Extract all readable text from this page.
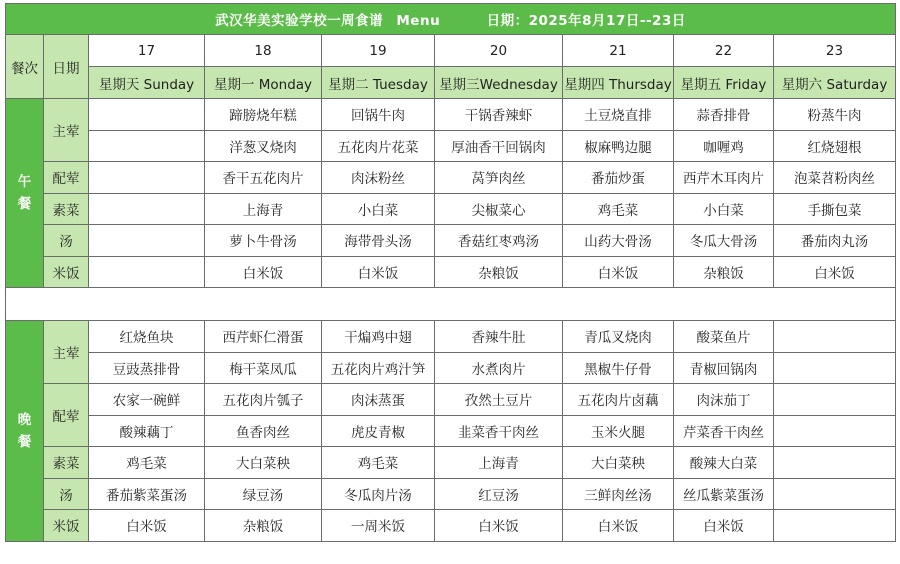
武汉华美实验学校一周食谱 Menu 日期：2025年8月17日--23日								
餐次	日期	17	18	19	20	21	22	23
		星期天 Sunday	星期一 Monday	星期二 Tuesday	星期三Wednesday	星期四 Thursday	星期五 Friday	星期六 Saturday
午餐	主荤		蹄膀烧年糕	回锅牛肉	干锅香辣虾	土豆烧直排	蒜香排骨	粉蒸牛肉
			洋葱叉烧肉	五花肉片花菜	厚油香干回锅肉	椒麻鸭边腿	咖喱鸡	红烧翅根
	配荤		香干五花肉片	肉沫粉丝	莴笋肉丝	番茄炒蛋	西芹木耳肉片	泡菜苕粉肉丝
	素菜		上海青	小白菜	尖椒菜心	鸡毛菜	小白菜	手撕包菜
	汤		萝卜牛骨汤	海带骨头汤	香菇红枣鸡汤	山药大骨汤	冬瓜大骨汤	番茄肉丸汤
	米饭		白米饭	白米饭	杂粮饭	白米饭	杂粮饭	白米饭

晚餐	主荤	红烧鱼块	西芹虾仁滑蛋	干煸鸡中翅	香辣牛肚	青瓜叉烧肉	酸菜鱼片	
		豆豉蒸排骨	梅干菜凤瓜	五花肉片鸡汁笋	水煮肉片	黑椒牛仔骨	青椒回锅肉	
	配荤	农家一碗鲜	五花肉片瓠子	肉沫蒸蛋	孜然土豆片	五花肉片卤藕	肉沫茄丁	
		酸辣藕丁	鱼香肉丝	虎皮青椒	韭菜香干肉丝	玉米火腿	芹菜香干肉丝	
	素菜	鸡毛菜	大白菜秧	鸡毛菜	上海青	大白菜秧	酸辣大白菜	
	汤	番茄紫菜蛋汤	绿豆汤	冬瓜肉片汤	红豆汤	三鲜肉丝汤	丝瓜紫菜蛋汤	
	米饭	白米饭	杂粮饭	一周米饭	白米饭	白米饭	白米饭	
